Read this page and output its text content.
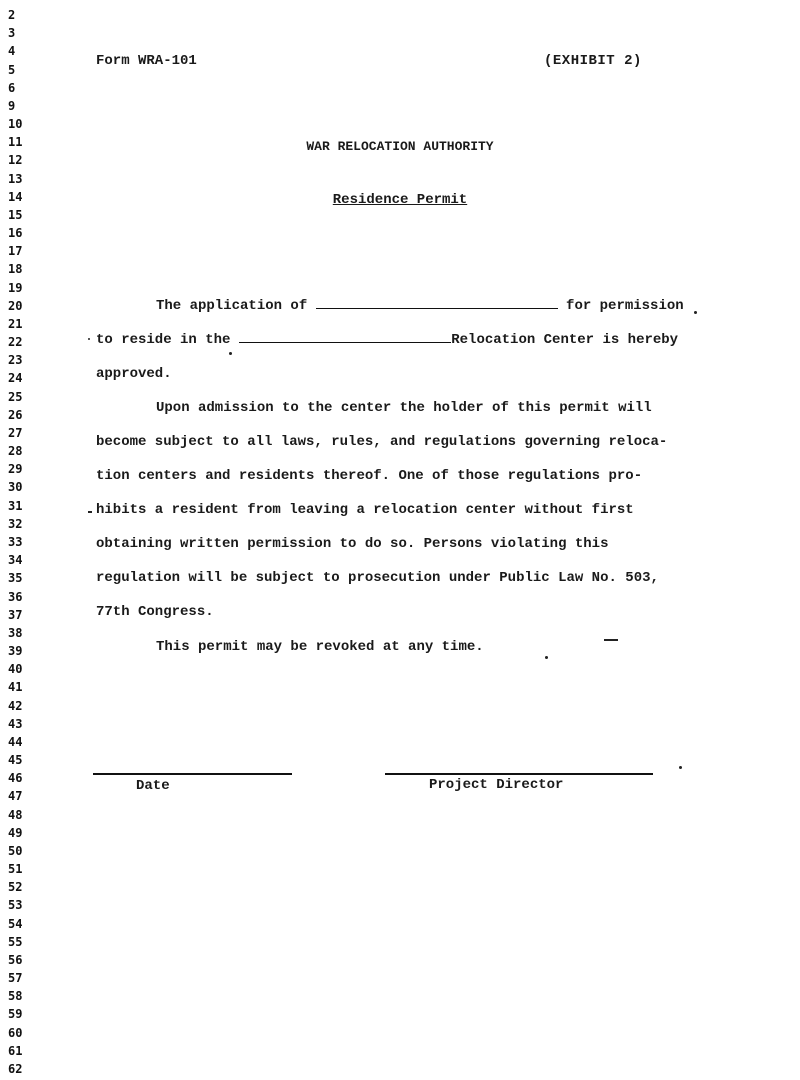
2
3
4
5
6
9
10
11
12
13
14
15
16
17
18
19
20
21
22
23
24
25
26
27
28
29
30
31
32
33
34
35
36
37
38
39
40
41
42
43
44
45
46
47
48
49
50
51
52
53
54
55
56
57
58
59
60
61
62
Form WRA-101	(EXHIBIT 2)
WAR RELOCATION AUTHORITY
Residence Permit
The application of	for permission
to reside in the	Relocation Center is hereby
approved.
Upon admission to the center the holder of this permit will
become subject to all laws, rules, and regulations governing reloca-
tion centers and residents thereof. One of those regulations pro-
hibits a resident from leaving a relocation center without first
obtaining written permission to do so. Persons violating this
regulation will be subject to prosecution under Public Law No. 503,
77th Congress.
This permit may be revoked at any time.
Date	Project Director
